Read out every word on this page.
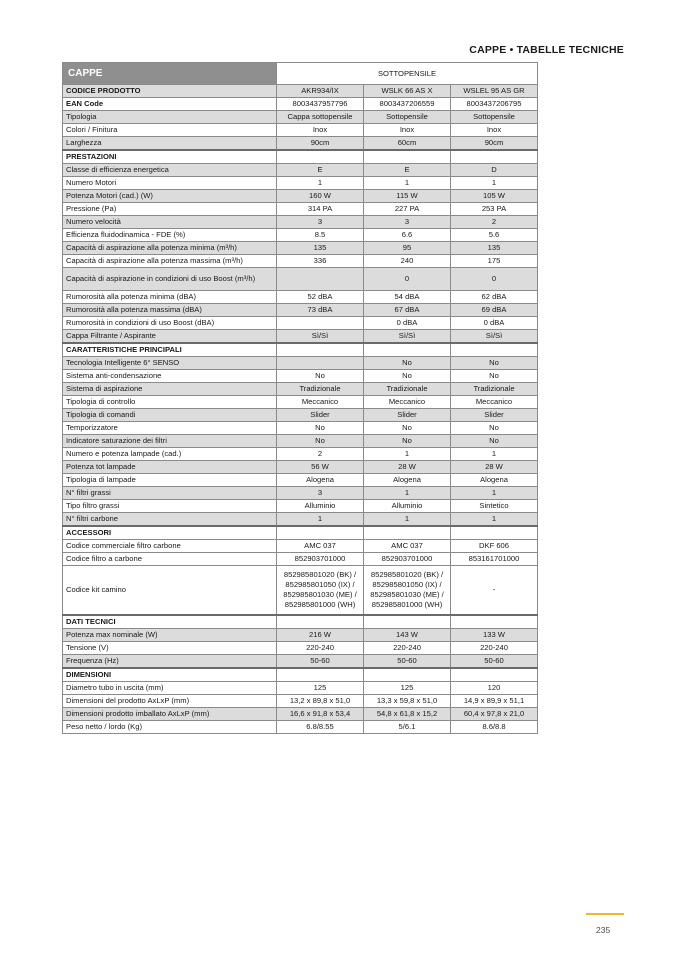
CAPPE • TABELLE TECNICHE
CAPPE	SOTTOPENSILE		
CODICE PRODOTTO	AKR934/IX	WSLK 66 AS X	WSLEL 95 AS GR
EAN Code	8003437957796	8003437206559	8003437206795
Tipologia	Cappa sottopensile	Sottopensile	Sottopensile
Colori / Finitura	Inox	Inox	Inox
Larghezza	90cm	60cm	90cm
PRESTAZIONI			
Classe di efficienza energetica	E	E	D
Numero Motori	1	1	1
Potenza Motori (cad.) (W)	160 W	115 W	105 W
Pressione (Pa)	314 PA	227 PA	253 PA
Numero velocità	3	3	2
Efficienza fluidodinamica - FDE (%)	8.5	6.6	5.6
Capacità di aspirazione alla potenza minima (m³/h)	135	95	135
Capacità di aspirazione alla potenza massima (m³/h)	336	240	175
Capacità di aspirazione in condizioni di uso Boost (m³/h)		0	0
Rumorosità alla potenza minima (dBA)	52 dBA	54 dBA	62 dBA
Rumorosità alla potenza massima (dBA)	73 dBA	67 dBA	69 dBA
Rumorosità in condizioni di uso Boost (dBA)		0 dBA	0 dBA
Cappa Filtrante / Aspirante	Sì/Sì	Sì/Sì	Sì/Sì
CARATTERISTICHE PRINCIPALI			
Tecnologia Intelligente 6° SENSO		No	No
Sistema anti-condensazione	No	No	No
Sistema di aspirazione	Tradizionale	Tradizionale	Tradizionale
Tipologia di controllo	Meccanico	Meccanico	Meccanico
Tipologia di comandi	Slider	Slider	Slider
Temporizzatore	No	No	No
Indicatore saturazione dei filtri	No	No	No
Numero e potenza lampade (cad.)	2	1	1
Potenza tot lampade	56 W	28 W	28 W
Tipologia di lampade	Alogena	Alogena	Alogena
N° filtri grassi	3	1	1
Tipo filtro grassi	Alluminio	Alluminio	Sintetico
N° filtri carbone	1	1	1
ACCESSORI			
Codice commerciale filtro carbone	AMC 037	AMC 037	DKF 606
Codice filtro a carbone	852903701000	852903701000	853161701000
Codice kit camino	852985801020 (BK) / 852985801050 (IX) / 852985801030 (ME) / 852985801000 (WH)	852985801020 (BK) / 852985801050 (IX) / 852985801030 (ME) / 852985801000 (WH)	-
DATI TECNICI			
Potenza max nominale (W)	216 W	143 W	133 W
Tensione (V)	220-240	220-240	220-240
Frequenza (Hz)	50-60	50-60	50-60
DIMENSIONI			
Diametro tubo in uscita (mm)	125	125	120
Dimensioni del prodotto AxLxP (mm)	13,2 x 89,8 x 51,0	13,3 x 59,8 x 51,0	14,9 x 89,9 x 51,1
Dimensioni prodotto imballato AxLxP (mm)	16,6 x 91,8 x 53,4	54,8 x 61,8 x 15,2	60,4 x 97,8 x 21,0
Peso netto / lordo (Kg)	6.8/8.55	5/6.1	8.6/8.8
235
